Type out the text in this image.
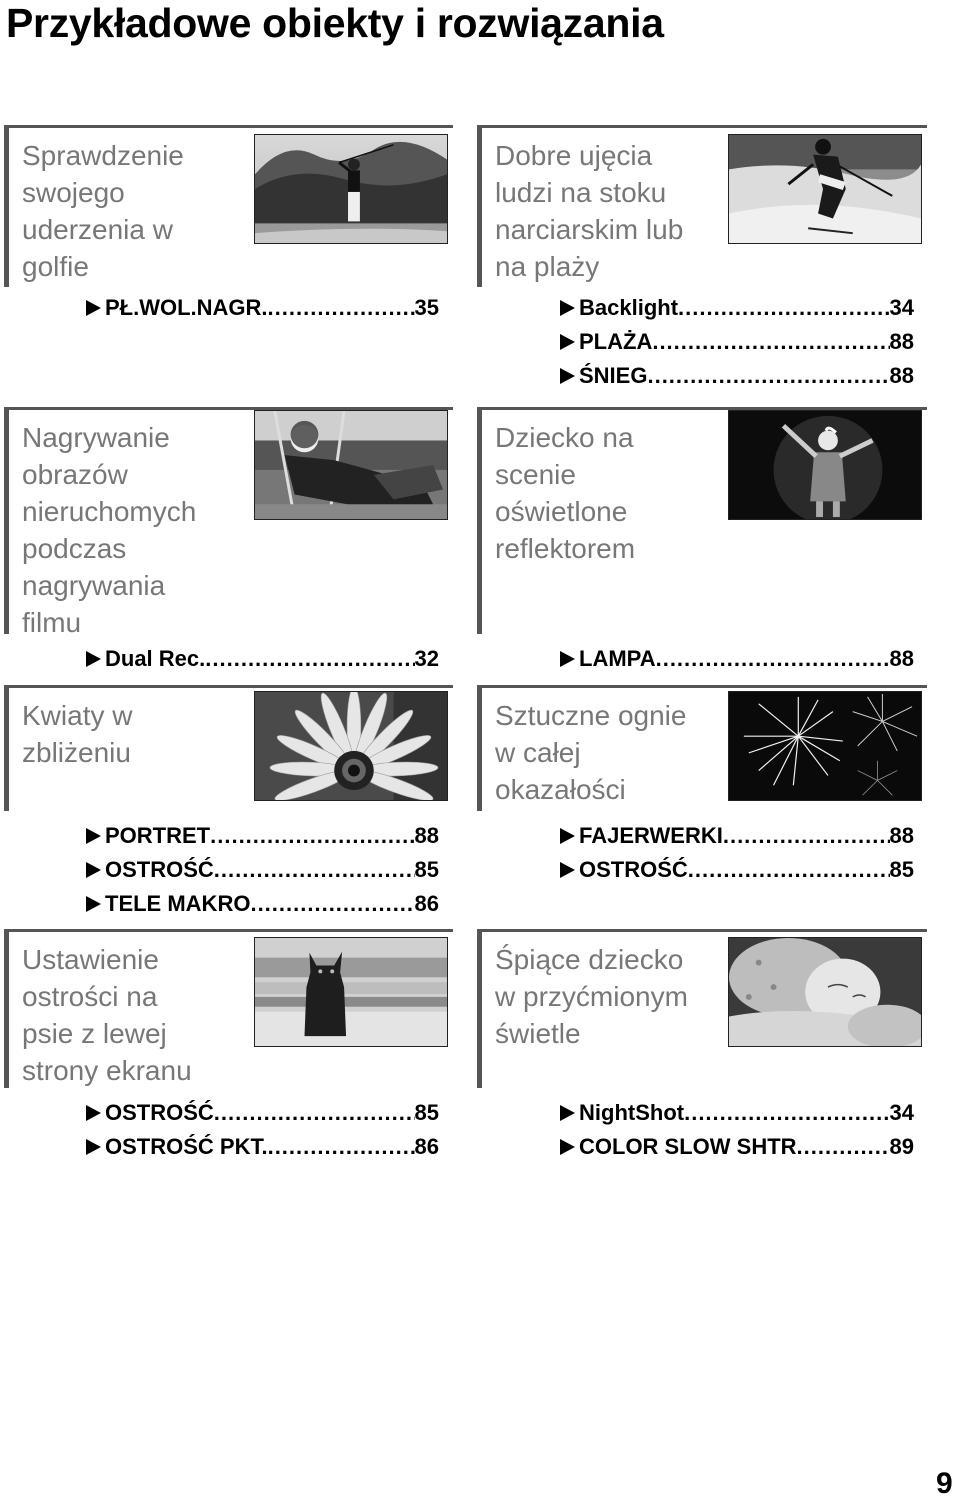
Przykładowe obiekty i rozwiązania
Sprawdzenie
swojego
uderzenia w
golfie
PŁ.WOL.NAGR. .....	35
Nagrywanie
obrazów
nieruchomych
podczas
nagrywania
filmu
Dual Rec. .....	32
Kwiaty w
zbliżeniu
PORTRET .....	88
OSTROŚĆ .....	85
TELE MAKRO .....	86
Ustawienie
ostrości na
psie z lewej
strony ekranu
OSTROŚĆ .....	85
OSTROŚĆ PKT. .....	86
Dobre ujęcia
ludzi na stoku
narciarskim lub
na plaży
Backlight .....	34
PLAŻA .....	88
ŚNIEG .....	88
Dziecko na
scenie
oświetlone
reflektorem
LAMPA .....	88
Sztuczne ognie
w całej
okazałości
FAJERWERKI .....	88
OSTROŚĆ .....	85
Śpiące dziecko
w przyćmionym
świetle
NightShot .....	34
COLOR SLOW SHTR .....	89
9
